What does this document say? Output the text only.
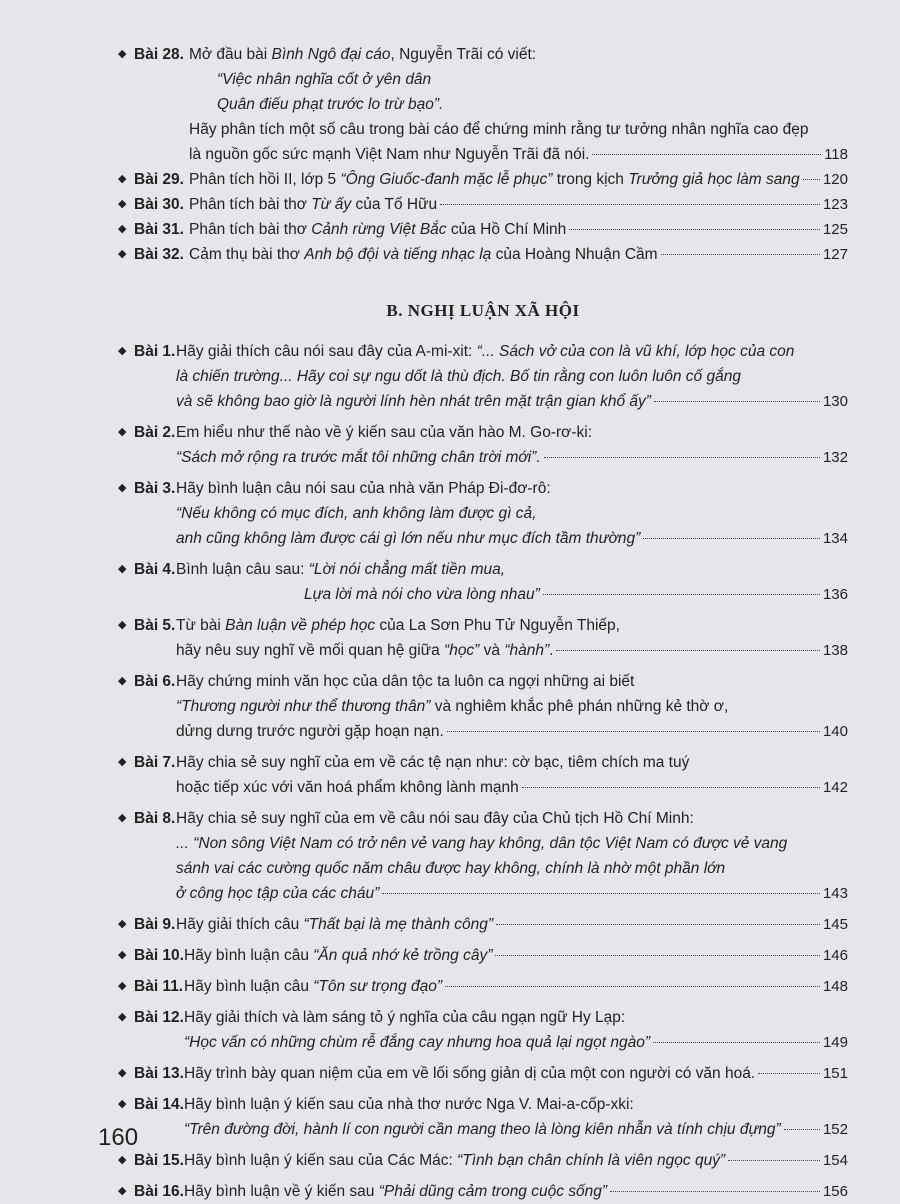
◆ Bài 28. Mở đầu bài Bình Ngô đại cáo, Nguyễn Trãi có viết:
“Việc nhân nghĩa cốt ở yên dân
Quân điếu phạt trước lo trừ bạo”.
Hãy phân tích một số câu trong bài cáo để chứng minh rằng tư tưởng nhân nghĩa cao đẹp
là nguồn gốc sức mạnh Việt Nam như Nguyễn Trãi đã nói.	118
◆ Bài 29. Phân tích hồi II, lớp 5 “Ông Giuốc-đanh mặc lễ phục” trong kịch Trưởng giả học làm sang 120
◆ Bài 30. Phân tích bài thơ Từ ấy của Tố Hữu	123
◆ Bài 31. Phân tích bài thơ Cảnh rừng Việt Bắc của Hồ Chí Minh	125
◆ Bài 32. Cảm thụ bài thơ Anh bộ đội và tiếng nhạc lạ của Hoàng Nhuận Cầm	127
B. NGHỊ LUẬN XÃ HỘI
◆ Bài 1. Hãy giải thích câu nói sau đây của A-mi-xit: “... Sách vở của con là vũ khí, lớp học của con
là chiến trường... Hãy coi sự ngu dốt là thù địch. Bố tin rằng con luôn luôn cố gắng
và sẽ không bao giờ là người lính hèn nhát trên mặt trận gian khổ ấy”	130
◆ Bài 2. Em hiểu như thế nào về ý kiến sau của văn hào M. Go-rơ-ki:
“Sách mở rộng ra trước mắt tôi những chân trời mới”.	132
◆ Bài 3. Hãy bình luận câu nói sau của nhà văn Pháp Đi-đơ-rô:
“Nếu không có mục đích, anh không làm được gì cả,
anh cũng không làm được cái gì lớn nếu như mục đích tầm thường”	134
◆ Bài 4. Bình luận câu sau: “Lời nói chẳng mất tiền mua,
Lựa lời mà nói cho vừa lòng nhau”	136
◆ Bài 5. Từ bài Bàn luận về phép học của La Sơn Phu Tử Nguyễn Thiếp,
hãy nêu suy nghĩ về mối quan hệ giữa “học” và “hành”.	138
◆ Bài 6. Hãy chứng minh văn học của dân tộc ta luôn ca ngợi những ai biết
“Thương người như thể thương thân” và nghiêm khắc phê phán những kẻ thờ ơ,
dửng dưng trước người gặp hoạn nạn.	140
◆ Bài 7. Hãy chia sẻ suy nghĩ của em về các tệ nạn như: cờ bạc, tiêm chích ma tuý
hoặc tiếp xúc với văn hoá phẩm không lành mạnh	142
◆ Bài 8. Hãy chia sẻ suy nghĩ của em về câu nói sau đây của Chủ tịch Hồ Chí Minh:
... “Non sông Việt Nam có trở nên vẻ vang hay không, dân tộc Việt Nam có được vẻ vang
sánh vai các cường quốc năm châu được hay không, chính là nhờ một phần lớn
ở công học tập của các cháu”	143
◆ Bài 9. Hãy giải thích câu “Thất bại là mẹ thành công”	145
◆ Bài 10. Hãy bình luận câu “Ăn quả nhớ kẻ trồng cây”	146
◆ Bài 11. Hãy bình luận câu “Tôn sư trọng đạo”	148
◆ Bài 12. Hãy giải thích và làm sáng tỏ ý nghĩa của câu ngạn ngữ Hy Lạp:
“Học vấn có những chùm rễ đắng cay nhưng hoa quả lại ngọt ngào”	149
◆ Bài 13. Hãy trình bày quan niệm của em về lối sống giản dị của một con người có văn hoá.	151
◆ Bài 14. Hãy bình luận ý kiến sau của nhà thơ nước Nga V. Mai-a-cốp-xki:
“Trên đường đời, hành lí con người cần mang theo là lòng kiên nhẫn và tính chịu đựng”	152
◆ Bài 15. Hãy bình luận ý kiến sau của Các Mác: “Tình bạn chân chính là viên ngọc quý”	154
◆ Bài 16. Hãy bình luận về ý kiến sau “Phải dũng cảm trong cuộc sống”	156
160
